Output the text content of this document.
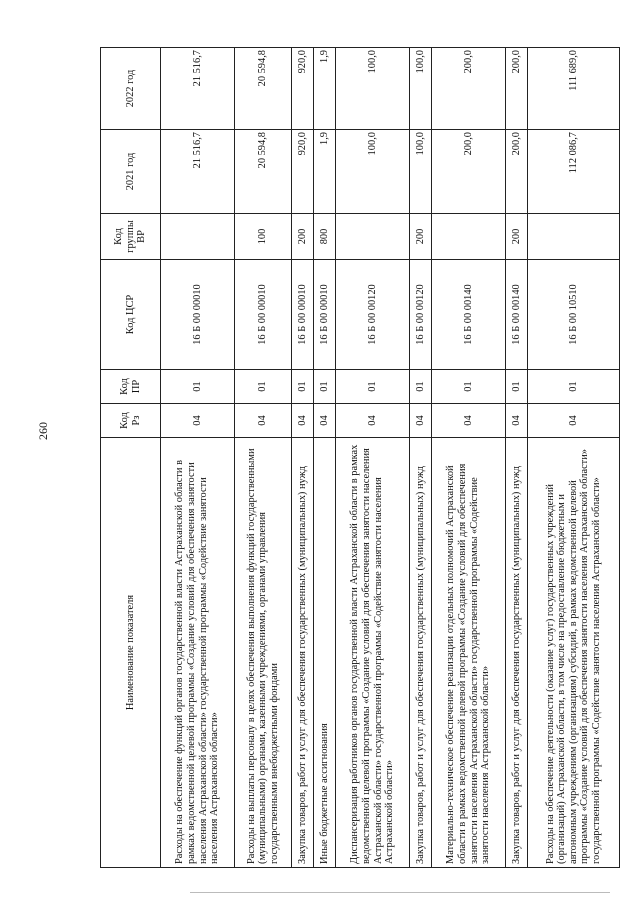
260
Наименование показателя	Код Рз	Код ПР	Код ЦСР	Код группы ВР	2021 год	2022 год
Расходы на обеспечение функций органов государственной власти Астраханской области в рамках ведомственной целевой программы «Создание условий для обеспечения занятости населения Астраханской области» государственной программы «Содействие занятости населения Астраханской области»	04	01	16 Б 00 00010		21 516,7	21 516,7
Расходы на выплаты персоналу в целях обеспечения выполнения функций государственными (муниципальными) органами, казенными учреждениями, органами управления государственными внебюджетными фондами	04	01	16 Б 00 00010	100	20 594,8	20 594,8
Закупка товаров, работ и услуг для обеспечения государственных (муниципальных) нужд	04	01	16 Б 00 00010	200	920,0	920,0
Иные бюджетные ассигнования	04	01	16 Б 00 00010	800	1,9	1,9
Диспансеризация работников органов государственной власти Астраханской области в рамках ведомственной целевой программы «Создание условий для обеспечения занятости населения Астраханской области» государственной программы «Содействие занятости населения Астраханской области»	04	01	16 Б 00 00120		100,0	100,0
Закупка товаров, работ и услуг для обеспечения государственных (муниципальных) нужд	04	01	16 Б 00 00120	200	100,0	100,0
Материально-техническое обеспечение реализации отдельных полномочий Астраханской области в рамках ведомственной целевой программы «Создание условий для обеспечения занятости населения Астраханской области» государственной программы «Содействие занятости населения Астраханской области»	04	01	16 Б 00 00140		200,0	200,0
Закупка товаров, работ и услуг для обеспечения государственных (муниципальных) нужд	04	01	16 Б 00 00140	200	200,0	200,0
Расходы на обеспечение деятельности (оказание услуг) государственных учреждений (организаций) Астраханской области, в том числе на предоставление бюджетным и автономным учреждениям (организациям) субсидий, в рамках ведомственной целевой программы «Создание условий для обеспечения занятости населения Астраханской области» государственной программы «Содействие занятости населения Астраханской области»	04	01	16 Б 00 10510		112 086,7	111 689,0
